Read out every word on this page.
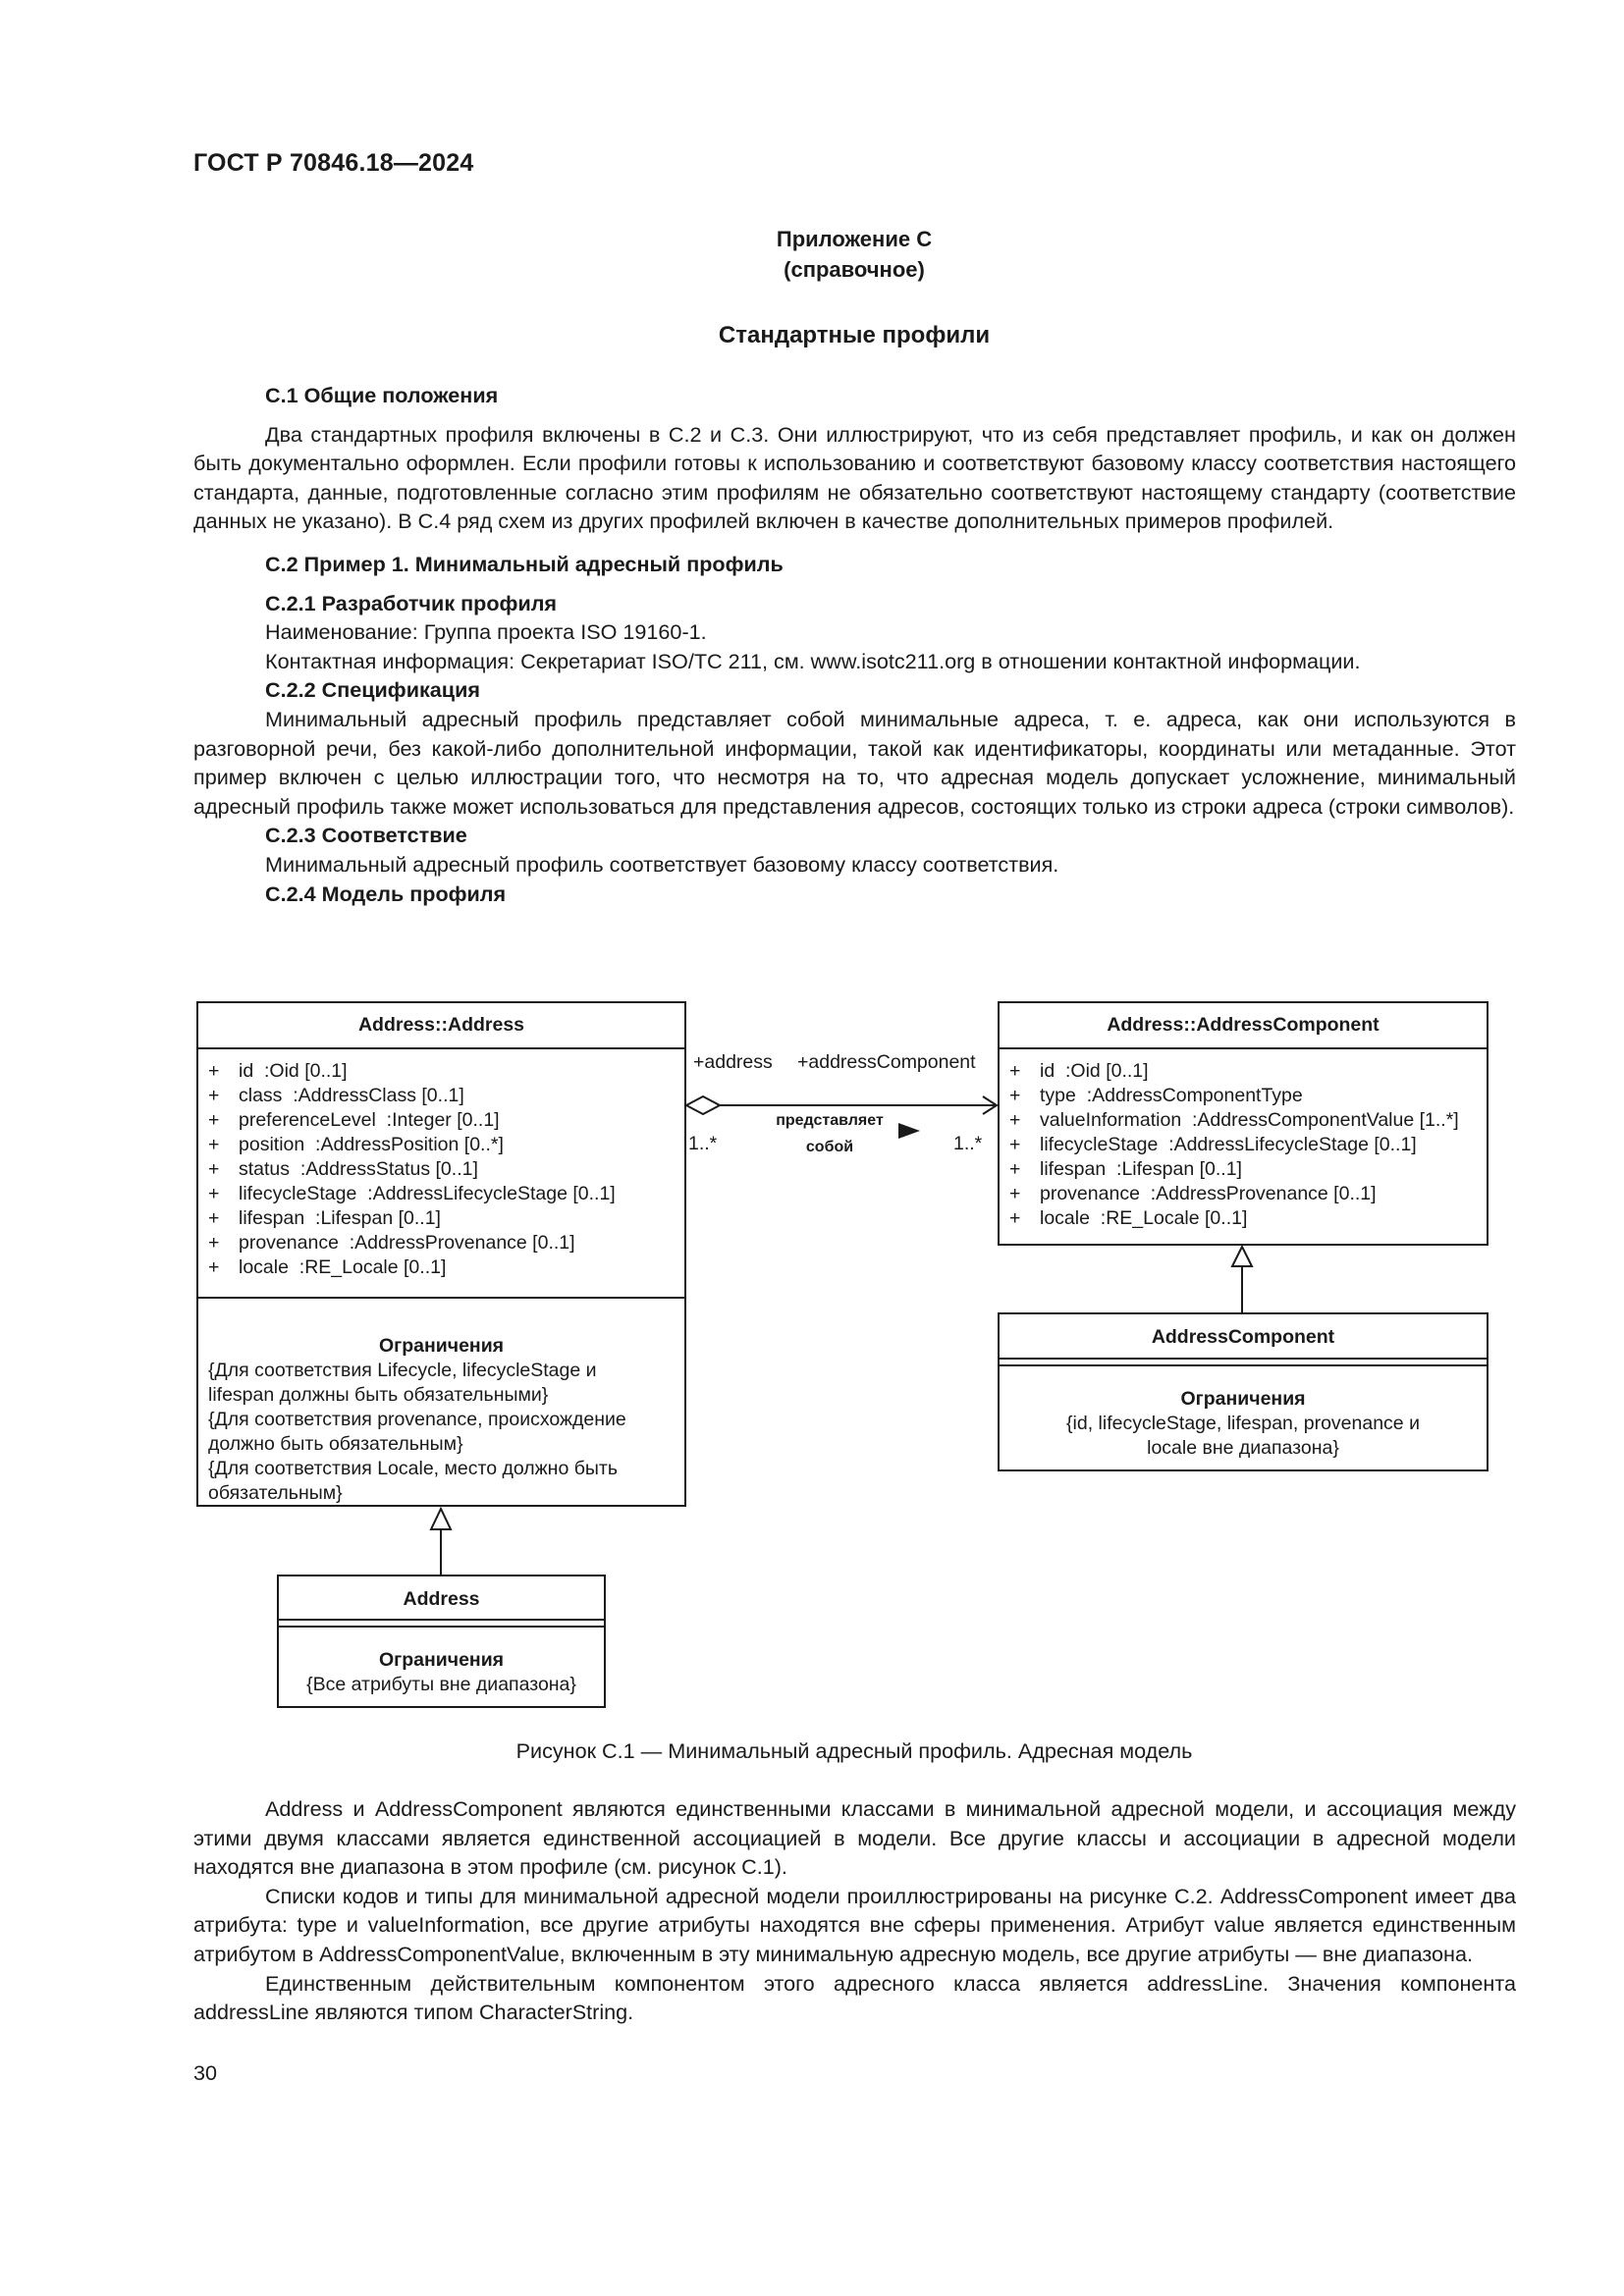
ГОСТ Р 70846.18—2024
Приложение С
(справочное)
Стандартные профили
С.1 Общие положения

Два стандартных профиля включены в С.2 и С.3. Они иллюстрируют, что из себя представляет профиль, и как он должен быть документально оформлен. Если профили готовы к использованию и соответствуют базовому классу соответствия настоящего стандарта, данные, подготовленные согласно этим профилям не обязательно соответствуют настоящему стандарту (соответствие данных не указано). В С.4 ряд схем из других профилей включен в качестве дополнительных примеров профилей.

С.2 Пример 1. Минимальный адресный профиль
С.2.1 Разработчик профиля

Наименование: Группа проекта ISO 19160-1.

Контактная информация: Секретариат ISO/TC 211, см. www.isotc211.org в отношении контактной информации.

С.2.2 Спецификация

Минимальный адресный профиль представляет собой минимальные адреса, т. е. адреса, как они используются в разговорной речи, без какой-либо дополнительной информации, такой как идентификаторы, координаты или метаданные. Этот пример включен с целью иллюстрации того, что несмотря на то, что адресная модель допускает усложнение, минимальный адресный профиль также может использоваться для представления адресов, состоящих только из строки адреса (строки символов).

С.2.3 Соответствие

Минимальный адресный профиль соответствует базовому классу соответствия.

С.2.4 Модель профиля
Address::Address
+ id  :Oid [0..1]
+ class  :AddressClass [0..1]
+ preferenceLevel  :Integer [0..1]
+ position  :AddressPosition [0..*]
+ status  :AddressStatus [0..1]
+ lifecycleStage  :AddressLifecycleStage [0..1]
+ lifespan  :Lifespan [0..1]
+ provenance  :AddressProvenance [0..1]
+ locale  :RE_Locale [0..1]
Ограничения
{Для соответствия Lifecycle, lifecycleStage и
lifespan должны быть обязательными}
{Для соответствия provenance, происхождение
должно быть обязательным}
{Для соответствия Locale, место должно быть
обязательным}
Address
Ограничения
{Все атрибуты вне диапазона}
Address::AddressComponent
+ id  :Oid [0..1]
+ type  :AddressComponentType
+ valueInformation  :AddressComponentValue [1..*]
+ lifecycleStage  :AddressLifecycleStage [0..1]
+ lifespan  :Lifespan [0..1]
+ provenance  :AddressProvenance [0..1]
+ locale  :RE_Locale [0..1]
AddressComponent
Ограничения
{id, lifecycleStage, lifespan, provenance и
locale вне диапазона}
+address +addressComponent
1..*	1..*
представляет
собой
Рисунок С.1 — Минимальный адресный профиль. Адресная модель

Address и AddressComponent являются единственными классами в минимальной адресной модели, и ассоциация между этими двумя классами является единственной ассоциацией в модели. Все другие классы и ассоциации в адресной модели находятся вне диапазона в этом профиле (см. рисунок С.1).

Списки кодов и типы для минимальной адресной модели проиллюстрированы на рисунке С.2. AddressComponent имеет два атрибута: type и valueInformation, все другие атрибуты находятся вне сферы применения. Атрибут value является единственным атрибутом в AddressComponentValue, включенным в эту минимальную адресную модель, все другие атрибуты — вне диапазона.

Единственным действительным компонентом этого адресного класса является addressLine. Значения компонента addressLine являются типом CharacterString.

30
